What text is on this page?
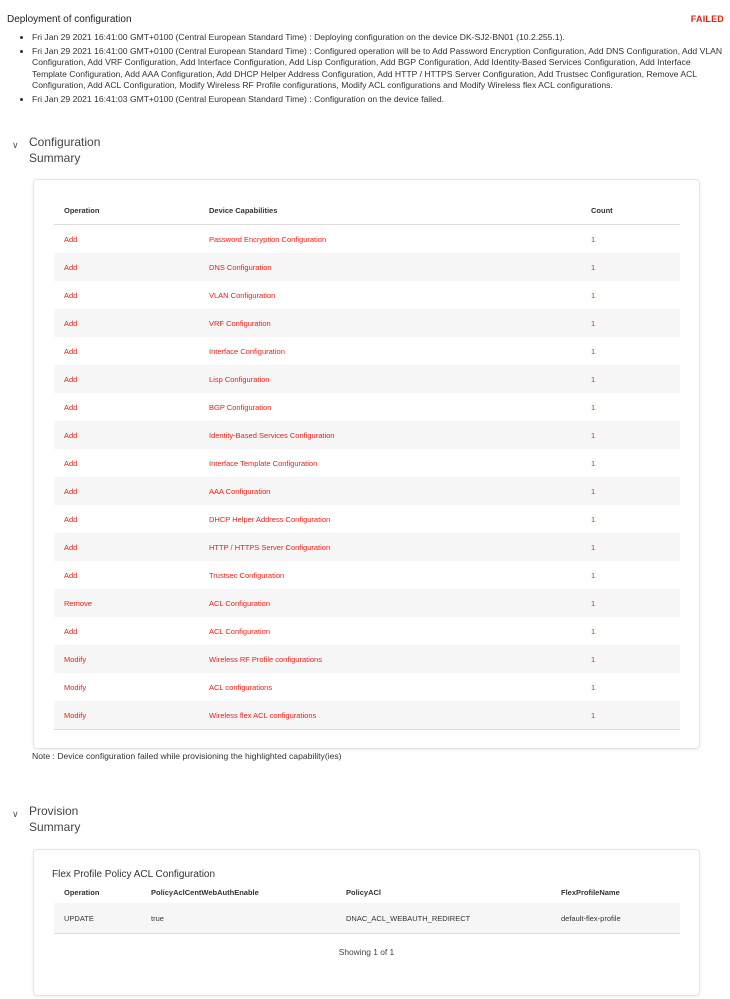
Deployment of configuration	FAILED
• Fri Jan 29 2021 16:41:00 GMT+0100 (Central European Standard Time) : Deploying configuration on the device DK-SJ2-BN01 (10.2.255.1).
• Fri Jan 29 2021 16:41:00 GMT+0100 (Central European Standard Time) : Configured operation will be to Add Password Encryption Configuration, Add DNS Configuration, Add VLAN Configuration, Add VRF Configuration, Add Interface Configuration, Add Lisp Configuration, Add BGP Configuration, Add Identity-Based Services Configuration, Add Interface Template Configuration, Add AAA Configuration, Add DHCP Helper Address Configuration, Add HTTP / HTTPS Server Configuration, Add Trustsec Configuration, Remove ACL Configuration, Add ACL Configuration, Modify Wireless RF Profile configurations, Modify ACL configurations and Modify Wireless flex ACL configurations.
• Fri Jan 29 2021 16:41:03 GMT+0100 (Central European Standard Time) : Configuration on the device failed.
∨ Configuration
Summary
Operation	Device Capabilities	Count
Add	Password Encryption Configuration	1
Add	DNS Configuration	1
Add	VLAN Configuration	1
Add	VRF Configuration	1
Add	Interface Configuration	1
Add	Lisp Configuration	1
Add	BGP Configuration	1
Add	Identity-Based Services Configuration	1
Add	Interface Template Configuration	1
Add	AAA Configuration	1
Add	DHCP Helper Address Configuration	1
Add	HTTP / HTTPS Server Configuration	1
Add	Trustsec Configuration	1
Remove	ACL Configuration	1
Add	ACL Configuration	1
Modify	Wireless RF Profile configurations	1
Modify	ACL configurations	1
Modify	Wireless flex ACL configurations	1
Note : Device configuration failed while provisioning the highlighted capability(ies)
∨ Provision
Summary
Flex Profile Policy ACL Configuration
Operation	PolicyAclCentWebAuthEnable	PolicyACl	FlexProfileName
UPDATE	true	DNAC_ACL_WEBAUTH_REDIRECT	default-flex-profile
Showing 1 of 1
